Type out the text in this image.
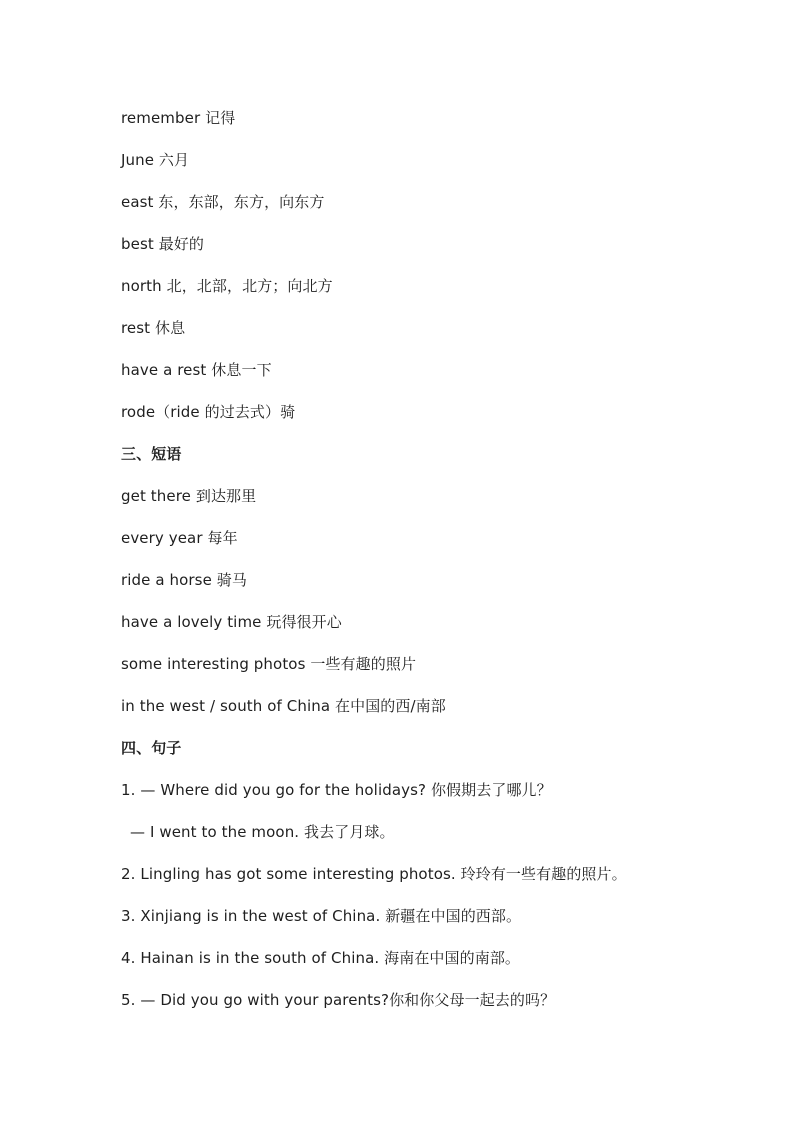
remember 记得
June 六月
east 东，东部，东方，向东方
best 最好的
north 北，北部，北方；向北方
rest 休息
have a rest 休息一下
rode（ride 的过去式）骑
三、短语
get there 到达那里
every year 每年
ride a horse 骑马
have a lovely time 玩得很开心
some interesting photos 一些有趣的照片
in the west / south of China 在中国的西/南部
四、句子
1. — Where did you go for the holidays? 你假期去了哪儿？
— I went to the moon. 我去了月球。
2. Lingling has got some interesting photos. 玲玲有一些有趣的照片。
3. Xinjiang is in the west of China. 新疆在中国的西部。
4. Hainan is in the south of China. 海南在中国的南部。
5. — Did you go with your parents?你和你父母一起去的吗？
